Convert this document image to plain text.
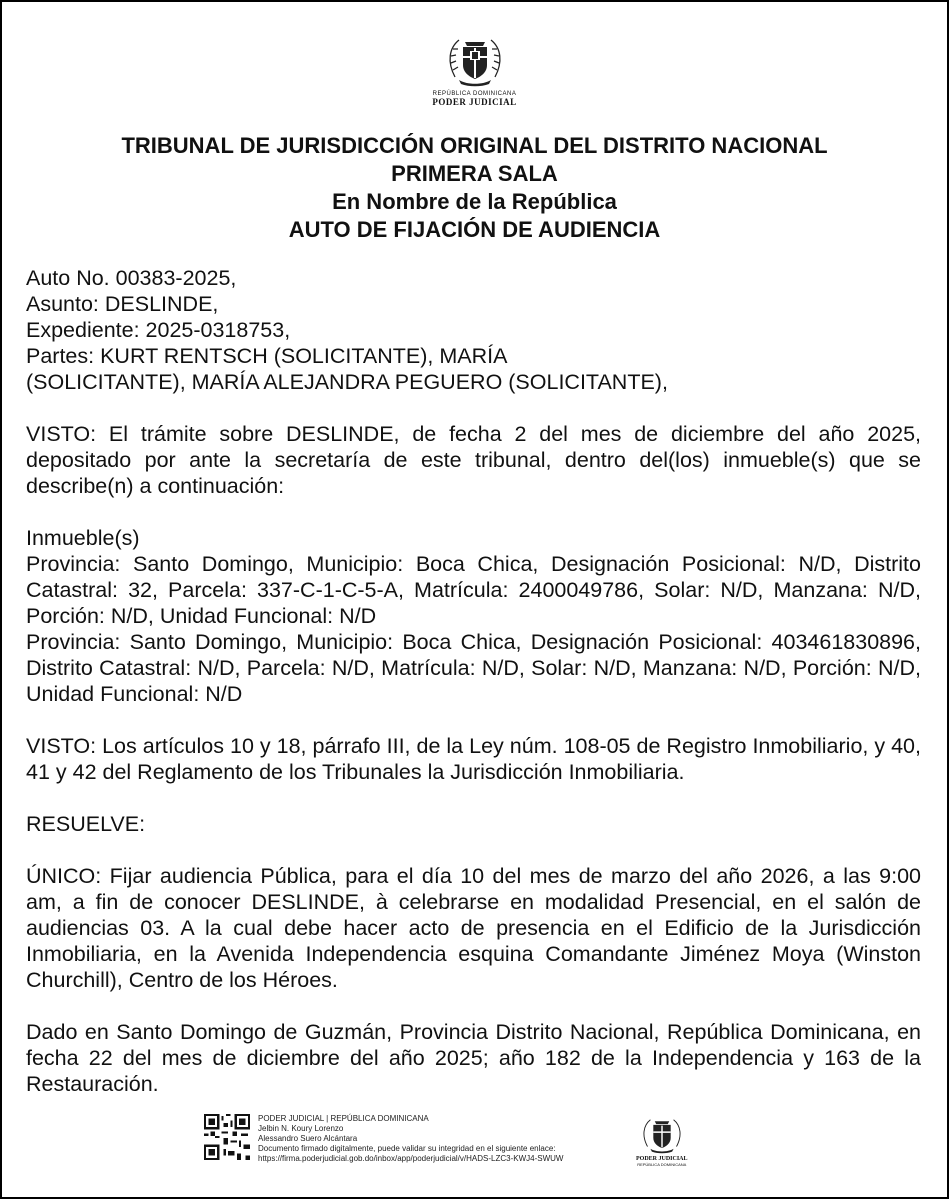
REPÚBLICA DOMINICANA
PODER JUDICIAL
TRIBUNAL DE JURISDICCIÓN ORIGINAL DEL DISTRITO NACIONAL
PRIMERA SALA
En Nombre de la República
AUTO DE FIJACIÓN DE AUDIENCIA

Auto No. 00383-2025,

Asunto: DESLINDE,

Expediente: 2025-0318753,

Partes: KURT RENTSCH (SOLICITANTE), MARÍA

(SOLICITANTE), MARÍA ALEJANDRA PEGUERO (SOLICITANTE),

VISTO: El trámite sobre DESLINDE, de fecha 2 del mes de diciembre del año 2025, depositado por ante la secretaría de este tribunal, dentro del(los) inmueble(s) que se describe(n) a continuación:

Inmueble(s)

Provincia: Santo Domingo, Municipio: Boca Chica, Designación Posicional: N/D, Distrito Catastral: 32, Parcela: 337-C-1-C-5-A, Matrícula: 2400049786, Solar: N/D, Manzana: N/D, Porción: N/D, Unidad Funcional: N/D

Provincia: Santo Domingo, Municipio: Boca Chica, Designación Posicional: 403461830896, Distrito Catastral: N/D, Parcela: N/D, Matrícula: N/D, Solar: N/D, Manzana: N/D, Porción: N/D, Unidad Funcional: N/D

VISTO: Los artículos 10 y 18, párrafo III, de la Ley núm. 108-05 de Registro Inmobiliario, y 40, 41 y 42 del Reglamento de los Tribunales la Jurisdicción Inmobiliaria.

RESUELVE:

ÚNICO: Fijar audiencia Pública, para el día 10 del mes de marzo del año 2026, a las 9:00 am, a fin de conocer DESLINDE, à celebrarse en modalidad Presencial, en el salón de audiencias 03. A la cual debe hacer acto de presencia en el Edificio de la Jurisdicción Inmobiliaria, en la Avenida Independencia esquina Comandante Jiménez Moya (Winston Churchill), Centro de los Héroes.

Dado en Santo Domingo de Guzmán, Provincia Distrito Nacional, República Dominicana, en fecha 22 del mes de diciembre del año 2025; año 182 de la Independencia y 163 de la Restauración.

PODER JUDICIAL | REPÚBLICA DOMINICANA
Jelbin N. Koury Lorenzo
Alessandro Suero Alcántara
Documento firmado digitalmente, puede validar su integridad en el siguiente enlace:
https://firma.poderjudicial.gob.do/inbox/app/poderjudicial/v/HADS-LZC3-KWJ4-SWUW	PODER JUDICIAL
REPÚBLICA DOMINICANA
